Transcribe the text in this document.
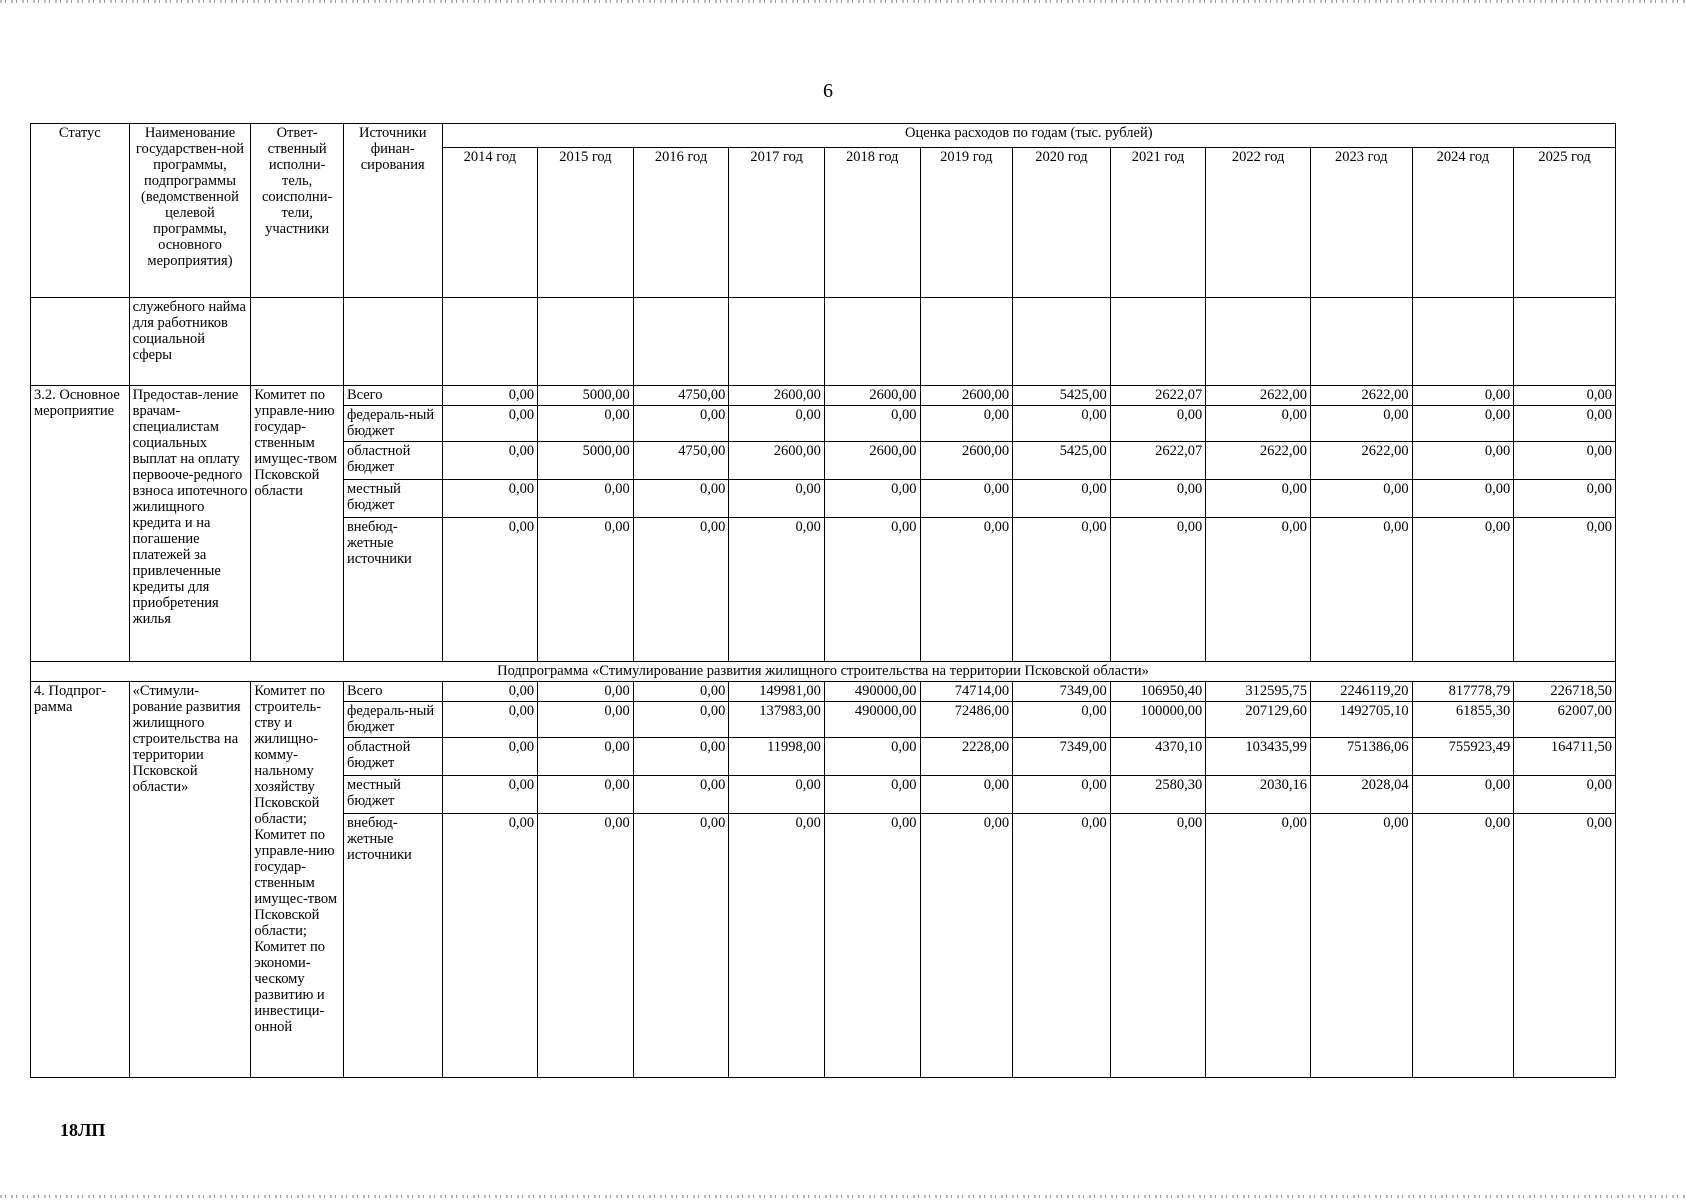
6
Статус	Наименование государствен-ной программы, подпрограммы (ведомственной целевой программы, основного мероприятия)	Ответ-ственный исполни-тель, соисполни-тели, участники	Источники финан-сирования	Оценка расходов по годам (тыс. рублей)											
				2014 год	2015 год	2016 год	2017 год	2018 год	2019 год	2020 год	2021 год	2022 год	2023 год	2024 год	2025 год
	служебного найма для работников социальной сферы														
3.2. Основное мероприятие	Предостав-ление врачам-специалистам социальных выплат на оплату первооче-редного взноса ипотечного жилищного кредита и на погашение платежей за привлеченные кредиты для приобретения жилья	Комитет по управле-нию государ-ственным имущес-твом Псковской области	Всего	0,00	5000,00	4750,00	2600,00	2600,00	2600,00	5425,00	2622,07	2622,00	2622,00	0,00	0,00
			федераль-ный бюджет	0,00	0,00	0,00	0,00	0,00	0,00	0,00	0,00	0,00	0,00	0,00	0,00
			областной бюджет	0,00	5000,00	4750,00	2600,00	2600,00	2600,00	5425,00	2622,07	2622,00	2622,00	0,00	0,00
			местный бюджет	0,00	0,00	0,00	0,00	0,00	0,00	0,00	0,00	0,00	0,00	0,00	0,00
			внебюд-жетные источники	0,00	0,00	0,00	0,00	0,00	0,00	0,00	0,00	0,00	0,00	0,00	0,00
Подпрограмма «Стимулирование развития жилищного строительства на территории Псковской области»															
4. Подпрог-рамма	«Стимули-рование развития жилищного строительства на территории Псковской области»	Комитет по строитель-ству и жилищно-комму-нальному хозяйству Псковской области; Комитет по управле-нию государ-ственным имущес-твом Псковской области; Комитет по экономи-ческому развитию и инвестици-онной	Всего	0,00	0,00	0,00	149981,00	490000,00	74714,00	7349,00	106950,40	312595,75	2246119,20	817778,79	226718,50
			федераль-ный бюджет	0,00	0,00	0,00	137983,00	490000,00	72486,00	0,00	100000,00	207129,60	1492705,10	61855,30	62007,00
			областной бюджет	0,00	0,00	0,00	11998,00	0,00	2228,00	7349,00	4370,10	103435,99	751386,06	755923,49	164711,50
			местный бюджет	0,00	0,00	0,00	0,00	0,00	0,00	0,00	2580,30	2030,16	2028,04	0,00	0,00
			внебюд-жетные источники	0,00	0,00	0,00	0,00	0,00	0,00	0,00	0,00	0,00	0,00	0,00	0,00
18ЛП
